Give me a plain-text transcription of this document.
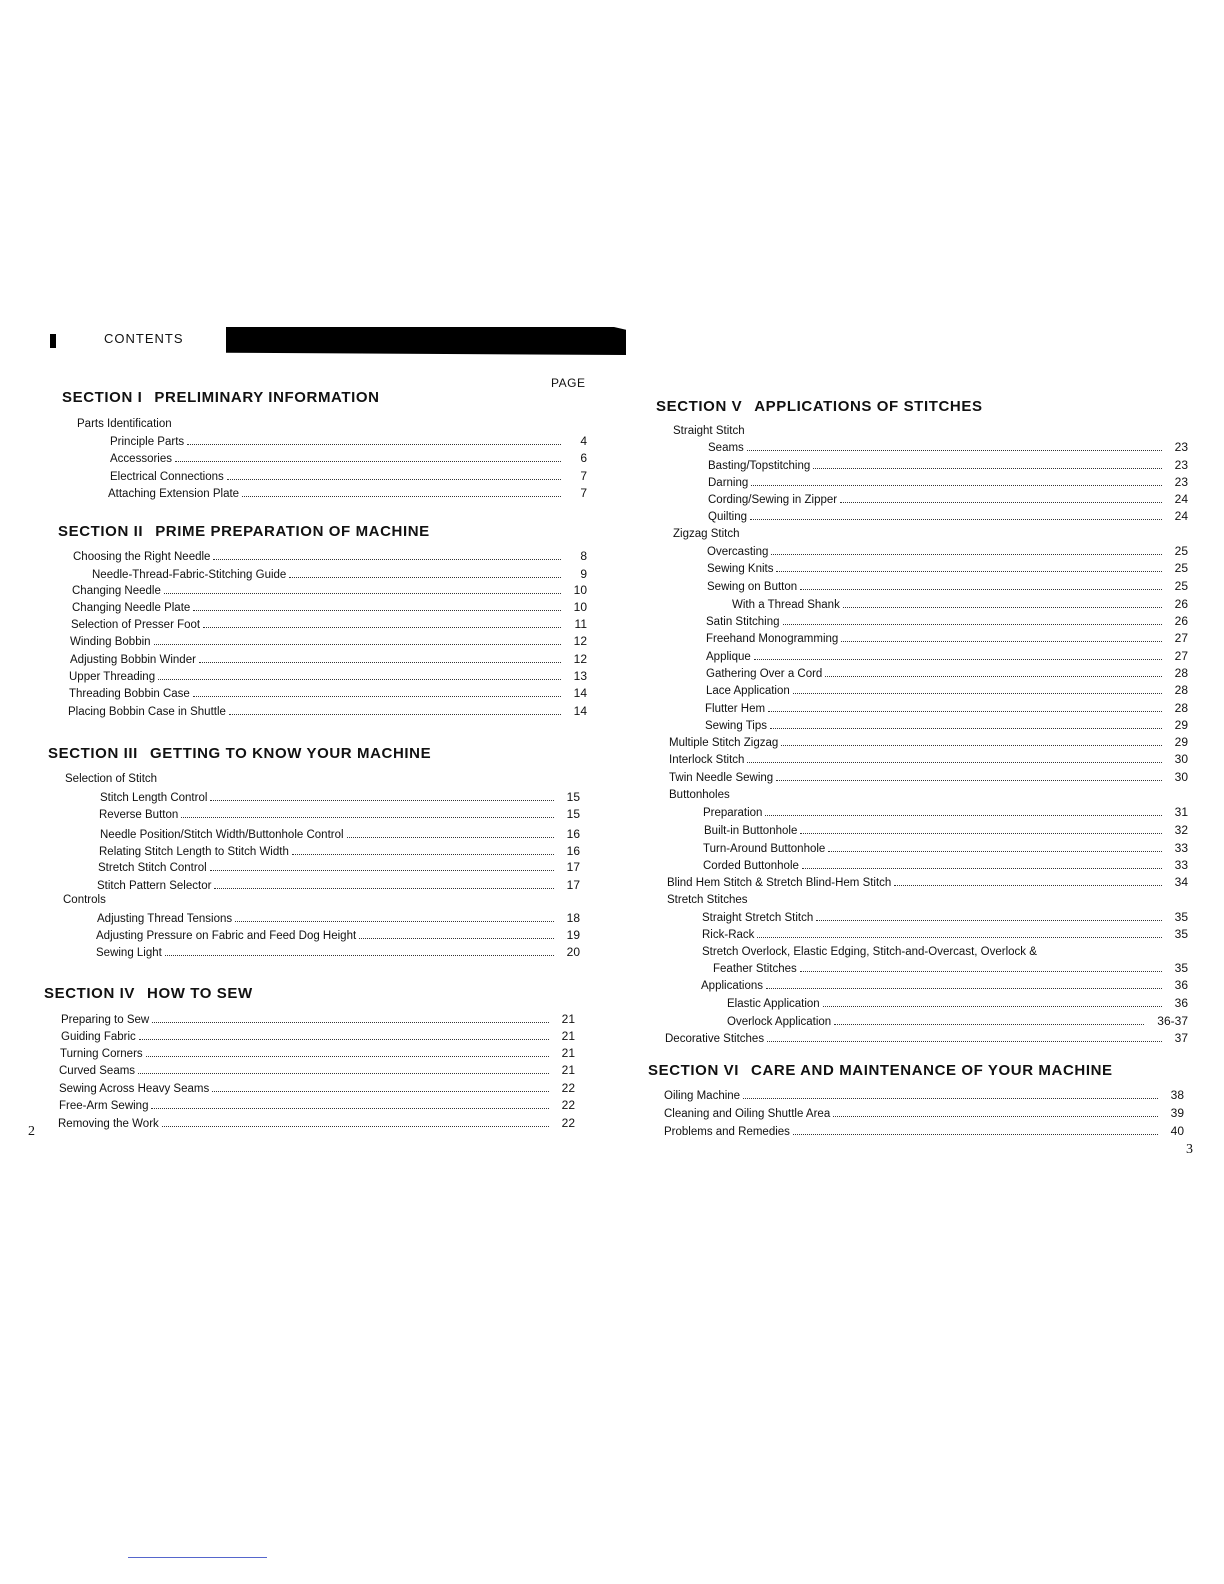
CONTENTS
PAGE
SECTION I PRELIMINARY INFORMATION
Parts Identification
Principle Parts	4
Accessories	6
Electrical Connections	7
Attaching Extension Plate	7
SECTION II PRIME PREPARATION OF MACHINE
Choosing the Right Needle	8
Needle-Thread-Fabric-Stitching Guide	9
Changing Needle	10
Changing Needle Plate	10
Selection of Presser Foot	11
Winding Bobbin	12
Adjusting Bobbin Winder	12
Upper Threading	13
Threading Bobbin Case	14
Placing Bobbin Case in Shuttle	14
SECTION III GETTING TO KNOW YOUR MACHINE
Selection of Stitch
Stitch Length Control	15
Reverse Button	15
Needle Position/Stitch Width/Buttonhole Control	16
Relating Stitch Length to Stitch Width	16
Stretch Stitch Control	17
Stitch Pattern Selector	17
Controls
Adjusting Thread Tensions	18
Adjusting Pressure on Fabric and Feed Dog Height	19
Sewing Light	20
SECTION IV HOW TO SEW
Preparing to Sew	21
Guiding Fabric	21
Turning Corners	21
Curved Seams	21
Sewing Across Heavy Seams	22
Free-Arm Sewing	22
Removing the Work	22
SECTION V APPLICATIONS OF STITCHES
Straight Stitch
Seams	23
Basting/Topstitching	23
Darning	23
Cording/Sewing in Zipper	24
Quilting	24
Zigzag Stitch
Overcasting	25
Sewing Knits	25
Sewing on Button	25
With a Thread Shank	26
Satin Stitching	26
Freehand Monogramming	27
Applique	27
Gathering Over a Cord	28
Lace Application	28
Flutter Hem	28
Sewing Tips	29
Multiple Stitch Zigzag	29
Interlock Stitch	30
Twin Needle Sewing	30
Buttonholes
Preparation	31
Built-in Buttonhole	32
Turn-Around Buttonhole	33
Corded Buttonhole	33
Blind Hem Stitch & Stretch Blind-Hem Stitch	34
Stretch Stitches
Straight Stretch Stitch	35
Rick-Rack	35
Stretch Overlock, Elastic Edging, Stitch-and-Overcast, Overlock &
Feather Stitches	35
Applications	36
Elastic Application	36
Overlock Application	36-37
Decorative Stitches	37
SECTION VI CARE AND MAINTENANCE OF YOUR MACHINE
Oiling Machine	38
Cleaning and Oiling Shuttle Area	39
Problems and Remedies	40
2
3
